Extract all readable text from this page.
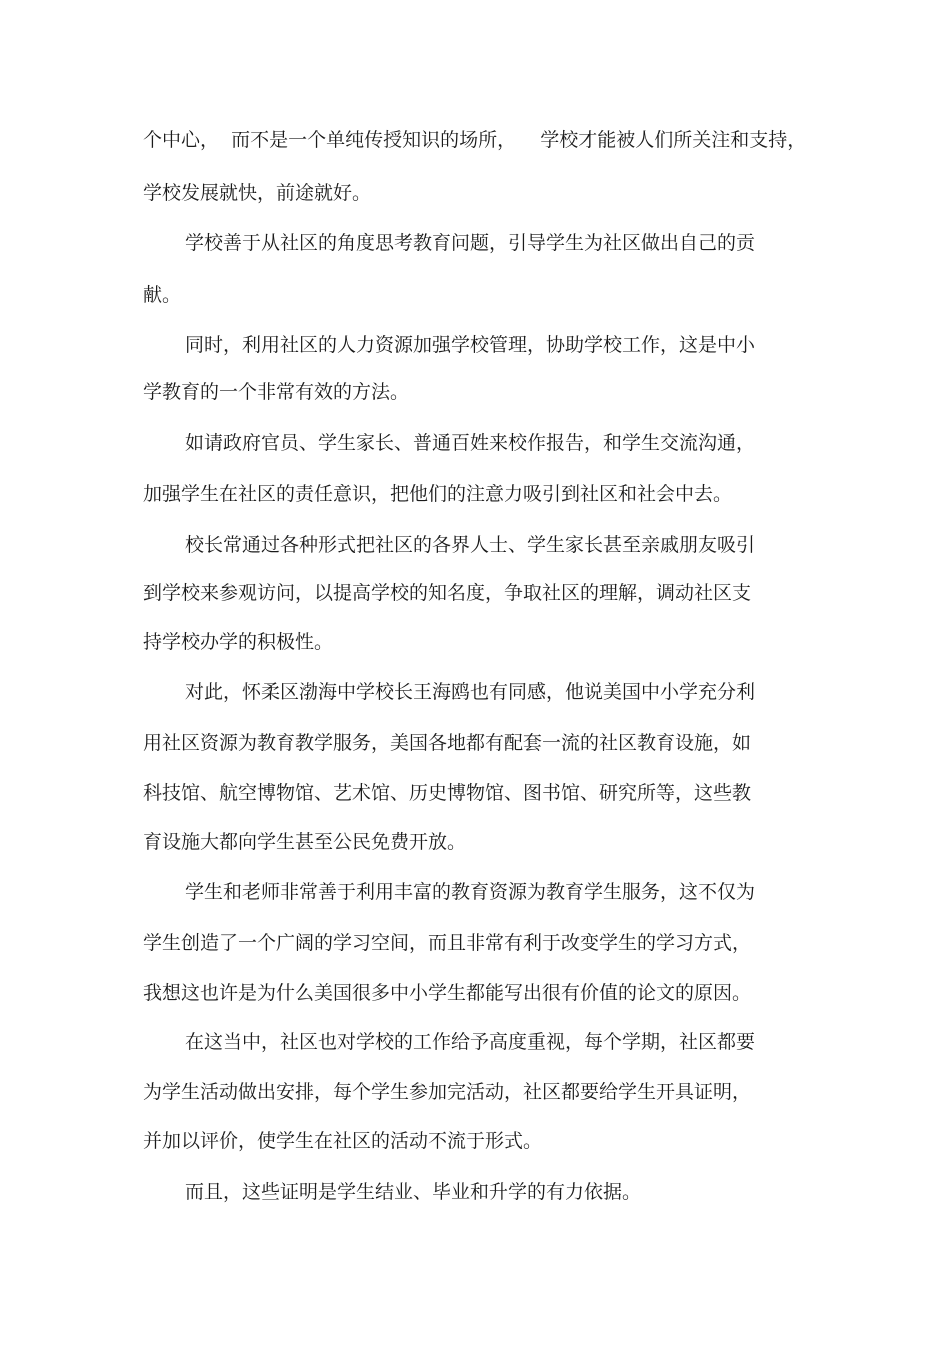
个中心，  而不是一个单纯传授知识的场所，    学校才能被人们所关注和支持，

学校发展就快，前途就好。

学校善于从社区的角度思考教育问题，引导学生为社区做出自己的贡

献。

同时，利用社区的人力资源加强学校管理，协助学校工作，这是中小

学教育的一个非常有效的方法。

如请政府官员、学生家长、普通百姓来校作报告，和学生交流沟通，

加强学生在社区的责任意识，把他们的注意力吸引到社区和社会中去。

校长常通过各种形式把社区的各界人士、学生家长甚至亲戚朋友吸引

到学校来参观访问，以提高学校的知名度，争取社区的理解，调动社区支

持学校办学的积极性。

对此，怀柔区渤海中学校长王海鸥也有同感，他说美国中小学充分利

用社区资源为教育教学服务，美国各地都有配套一流的社区教育设施，如

科技馆、航空博物馆、艺术馆、历史博物馆、图书馆、研究所等，这些教

育设施大都向学生甚至公民免费开放。

学生和老师非常善于利用丰富的教育资源为教育学生服务，这不仅为

学生创造了一个广阔的学习空间，而且非常有利于改变学生的学习方式，

我想这也许是为什么美国很多中小学生都能写出很有价值的论文的原因。

在这当中，社区也对学校的工作给予高度重视，每个学期，社区都要

为学生活动做出安排，每个学生参加完活动，社区都要给学生开具证明，

并加以评价，使学生在社区的活动不流于形式。

而且，这些证明是学生结业、毕业和升学的有力依据。
